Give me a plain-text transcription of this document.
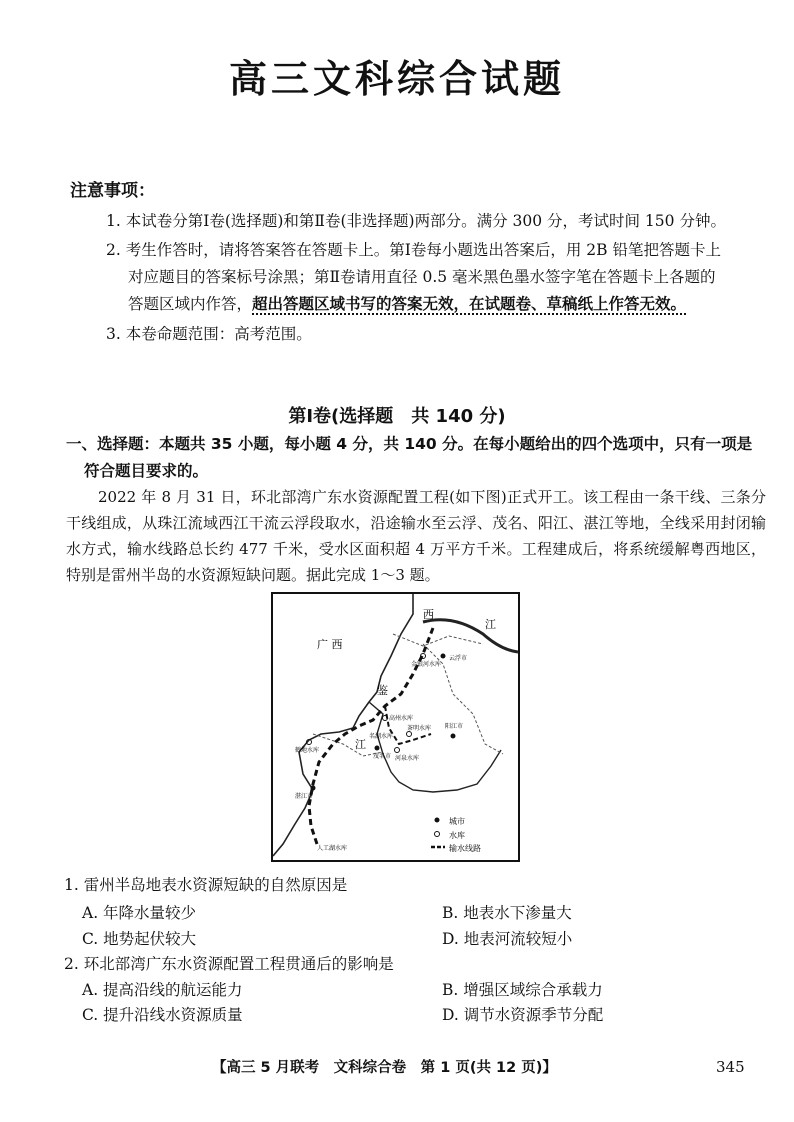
高三文科综合试题
注意事项：
1. 本试卷分第Ⅰ卷(选择题)和第Ⅱ卷(非选择题)两部分。满分 300 分，考试时间 150 分钟。
2. 考生作答时，请将答案答在答题卡上。第Ⅰ卷每小题选出答案后，用 2B 铅笔把答题卡上
对应题目的答案标号涂黑；第Ⅱ卷请用直径 0.5 毫米黑色墨水签字笔在答题卡上各题的
答题区域内作答，超出答题区域书写的答案无效，在试题卷、草稿纸上作答无效。
3. 本卷命题范围：高考范围。
第Ⅰ卷(选择题　共 140 分)
一、选择题：本题共 35 小题，每小题 4 分，共 140 分。在每小题给出的四个选项中，只有一项是
符合题目要求的。
2022 年 8 月 31 日，环北部湾广东水资源配置工程(如下图)正式开工。该工程由一条干线、三条分干线组成，从珠江流域西江干流云浮段取水，沿途输水至云浮、茂名、阳江、湛江等地，全线采用封闭输水方式，输水线路总长约 477 千米，受水区面积超 4 万平方千米。工程建成后，将系统缓解粤西地区，特别是雷州半岛的水资源短缺问题。据此完成 1～3 题。
广 西
西
江
云浮市
金银河水库
鉴
江
高州水库
名湖水库
茂名市 河泉水库
茶明水库 阳江市
鹤地水库
湛江市
人工湖水库
城市
水库
输水线路
1. 雷州半岛地表水资源短缺的自然原因是
A. 年降水量较少	B. 地表水下渗量大
C. 地势起伏较大	D. 地表河流较短小
2. 环北部湾广东水资源配置工程贯通后的影响是
A. 提高沿线的航运能力	B. 增强区域综合承载力
C. 提升沿线水资源质量	D. 调节水资源季节分配
【高三 5 月联考　文科综合卷　第 1 页(共 12 页)】	345
